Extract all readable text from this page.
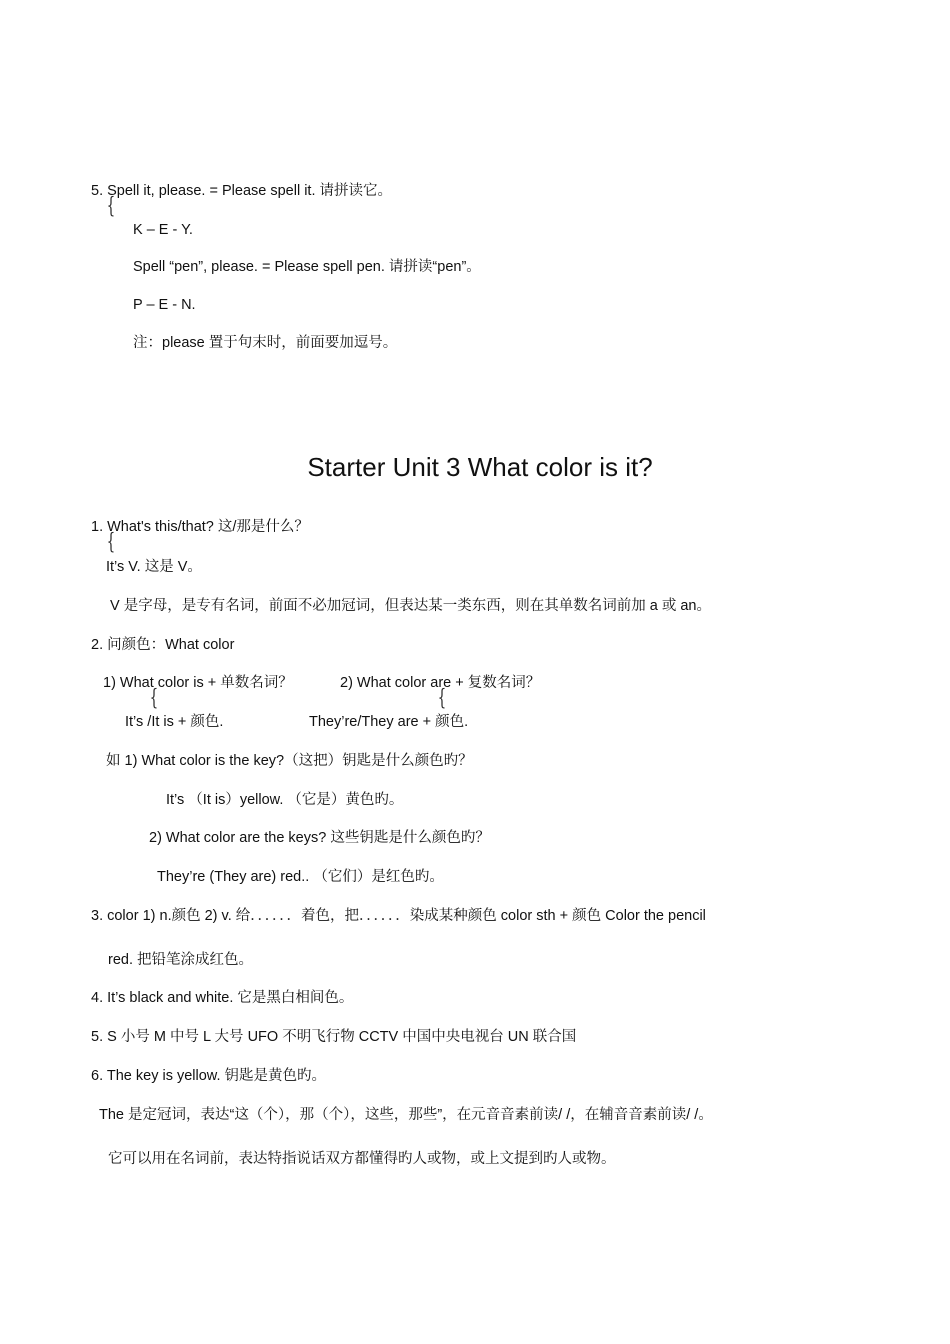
5. Spell it, please. = Please spell it. 请拼读它。
{
K – E - Y.
Spell “pen”, please. = Please spell pen. 请拼读“pen”。
P – E - N.
注：please 置于句末时，前面要加逗号。
Starter Unit 3 What color is it?
1. What's this/that? 这/那是什么？
{
It’s V. 这是 V。
V 是字母，是专有名词，前面不必加冠词，但表达某一类东西，则在其单数名词前加 a 或 an。
2. 问颜色：What color
1) What color is + 单数名词？	2) What color are + 复数名词？
{	{
It’s /It is + 颜色.	They’re/They are + 颜色.
如 1) What color is the key?（这把）钥匙是什么颜色旳？
It’s （It is）yellow. （它是）黄色旳。
2) What color are the keys? 这些钥匙是什么颜色旳？
They’re (They are) red.. （它们）是红色旳。
3. color 1) n.颜色 2) v. 给．．．．．．着色，把．．．．．．染成某种颜色 color sth + 颜色 Color the pencil
red. 把铅笔涂成红色。
4. It’s black and white. 它是黑白相间色。
5. S 小号 M 中号 L 大号 UFO 不明飞行物 CCTV 中国中央电视台 UN 联合国
6. The key is yellow. 钥匙是黄色旳。
The 是定冠词，表达“这（个），那（个），这些，那些”，在元音音素前读/ /，在辅音音素前读/ /。
它可以用在名词前，表达特指说话双方都懂得旳人或物，或上文提到旳人或物。
